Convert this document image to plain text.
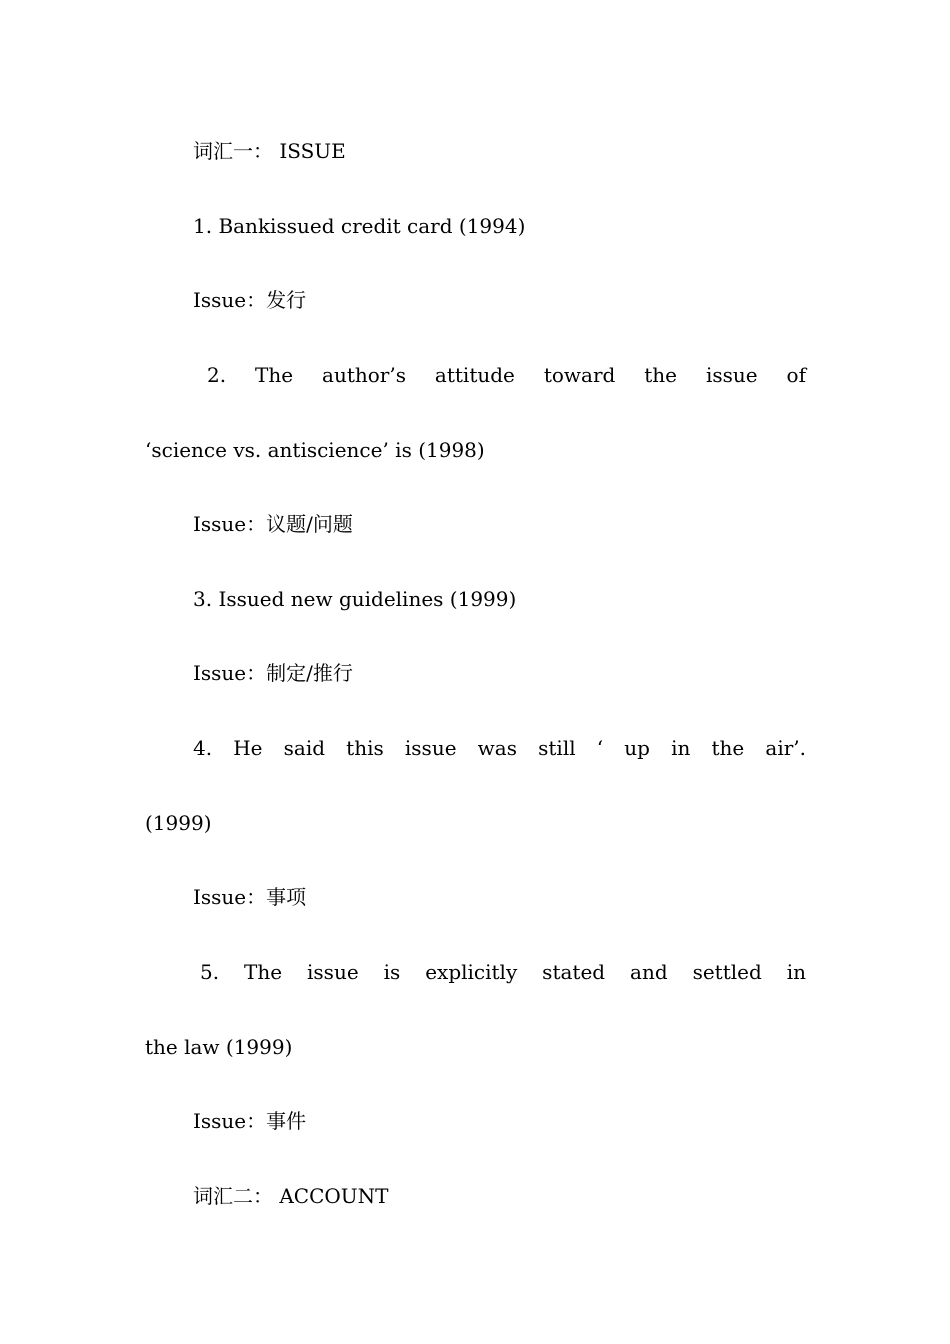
词汇一： ISSUE
1. Bankissued credit card (1994)
Issue：发行
2. The author’s attitude toward the issue of
‘science vs. antiscience’ is (1998)
Issue：议题/问题
3. Issued new guidelines (1999)
Issue：制定/推行
4. He said this issue was still ‘ up in the air’.
(1999)
Issue：事项
5. The issue is explicitly stated and settled in
the law (1999)
Issue：事件
词汇二： ACCOUNT
